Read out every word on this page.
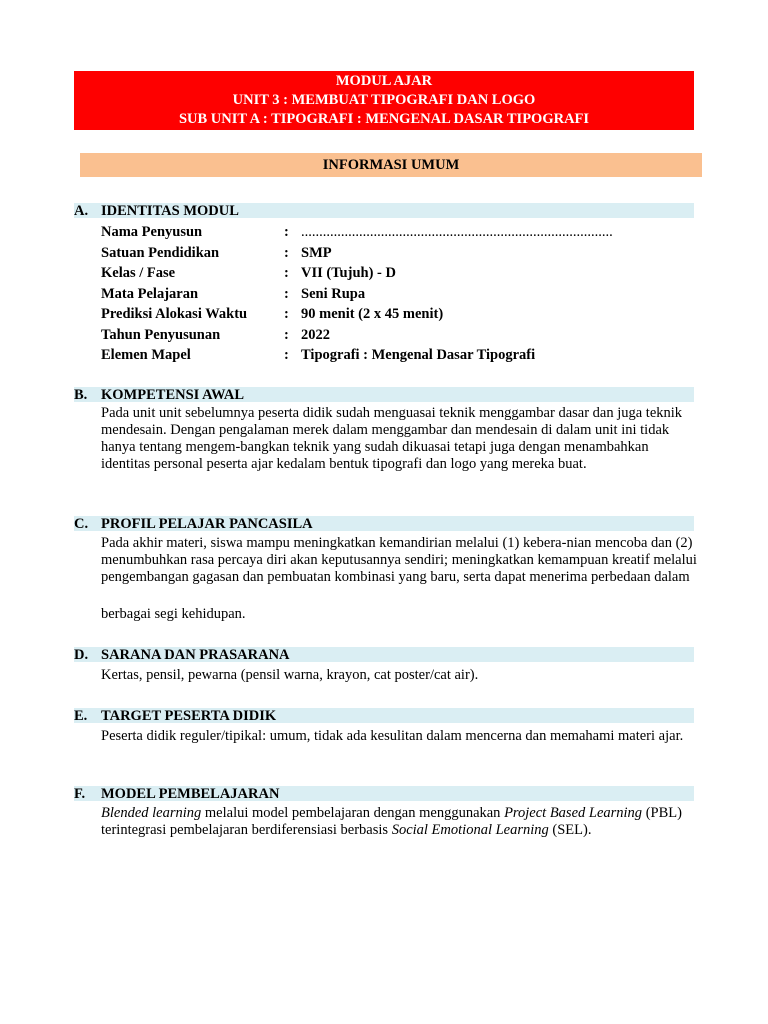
MODUL AJAR
UNIT 3 : MEMBUAT TIPOGRAFI DAN LOGO
SUB UNIT A : TIPOGRAFI : MENGENAL DASAR TIPOGRAFI
INFORMASI UMUM
A. IDENTITAS MODUL
Nama Penyusun	: ......................................................................................
Satuan Pendidikan	: SMP
Kelas / Fase	: VII (Tujuh) - D
Mata Pelajaran	: Seni Rupa
Prediksi Alokasi Waktu	: 90 menit (2 x 45 menit)
Tahun Penyusunan	: 2022
Elemen Mapel	: Tipografi : Mengenal Dasar Tipografi
B. KOMPETENSI AWAL
Pada unit unit sebelumnya peserta didik sudah menguasai teknik menggambar dasar dan juga teknik mendesain. Dengan pengalaman merek dalam menggambar dan mendesain di dalam unit ini tidak hanya tentang mengem-bangkan teknik yang sudah dikuasai tetapi juga dengan menambahkan identitas personal peserta ajar kedalam bentuk tipografi dan logo yang mereka buat.
C. PROFIL PELAJAR PANCASILA
Pada akhir materi, siswa mampu meningkatkan kemandirian melalui (1) kebera-nian mencoba dan (2) menumbuhkan rasa percaya diri akan keputusannya sendiri; meningkatkan kemampuan kreatif melalui pengembangan gagasan dan pembuatan kombinasi yang baru, serta dapat menerima perbedaan dalam
berbagai segi kehidupan.
D. SARANA DAN PRASARANA
Kertas, pensil, pewarna (pensil warna, krayon, cat poster/cat air).
E. TARGET PESERTA DIDIK
Peserta didik reguler/tipikal: umum, tidak ada kesulitan dalam mencerna dan memahami materi ajar.
F. MODEL PEMBELAJARAN
Blended learning melalui model pembelajaran dengan menggunakan Project Based Learning (PBL) terintegrasi pembelajaran berdiferensiasi berbasis Social Emotional Learning (SEL).
